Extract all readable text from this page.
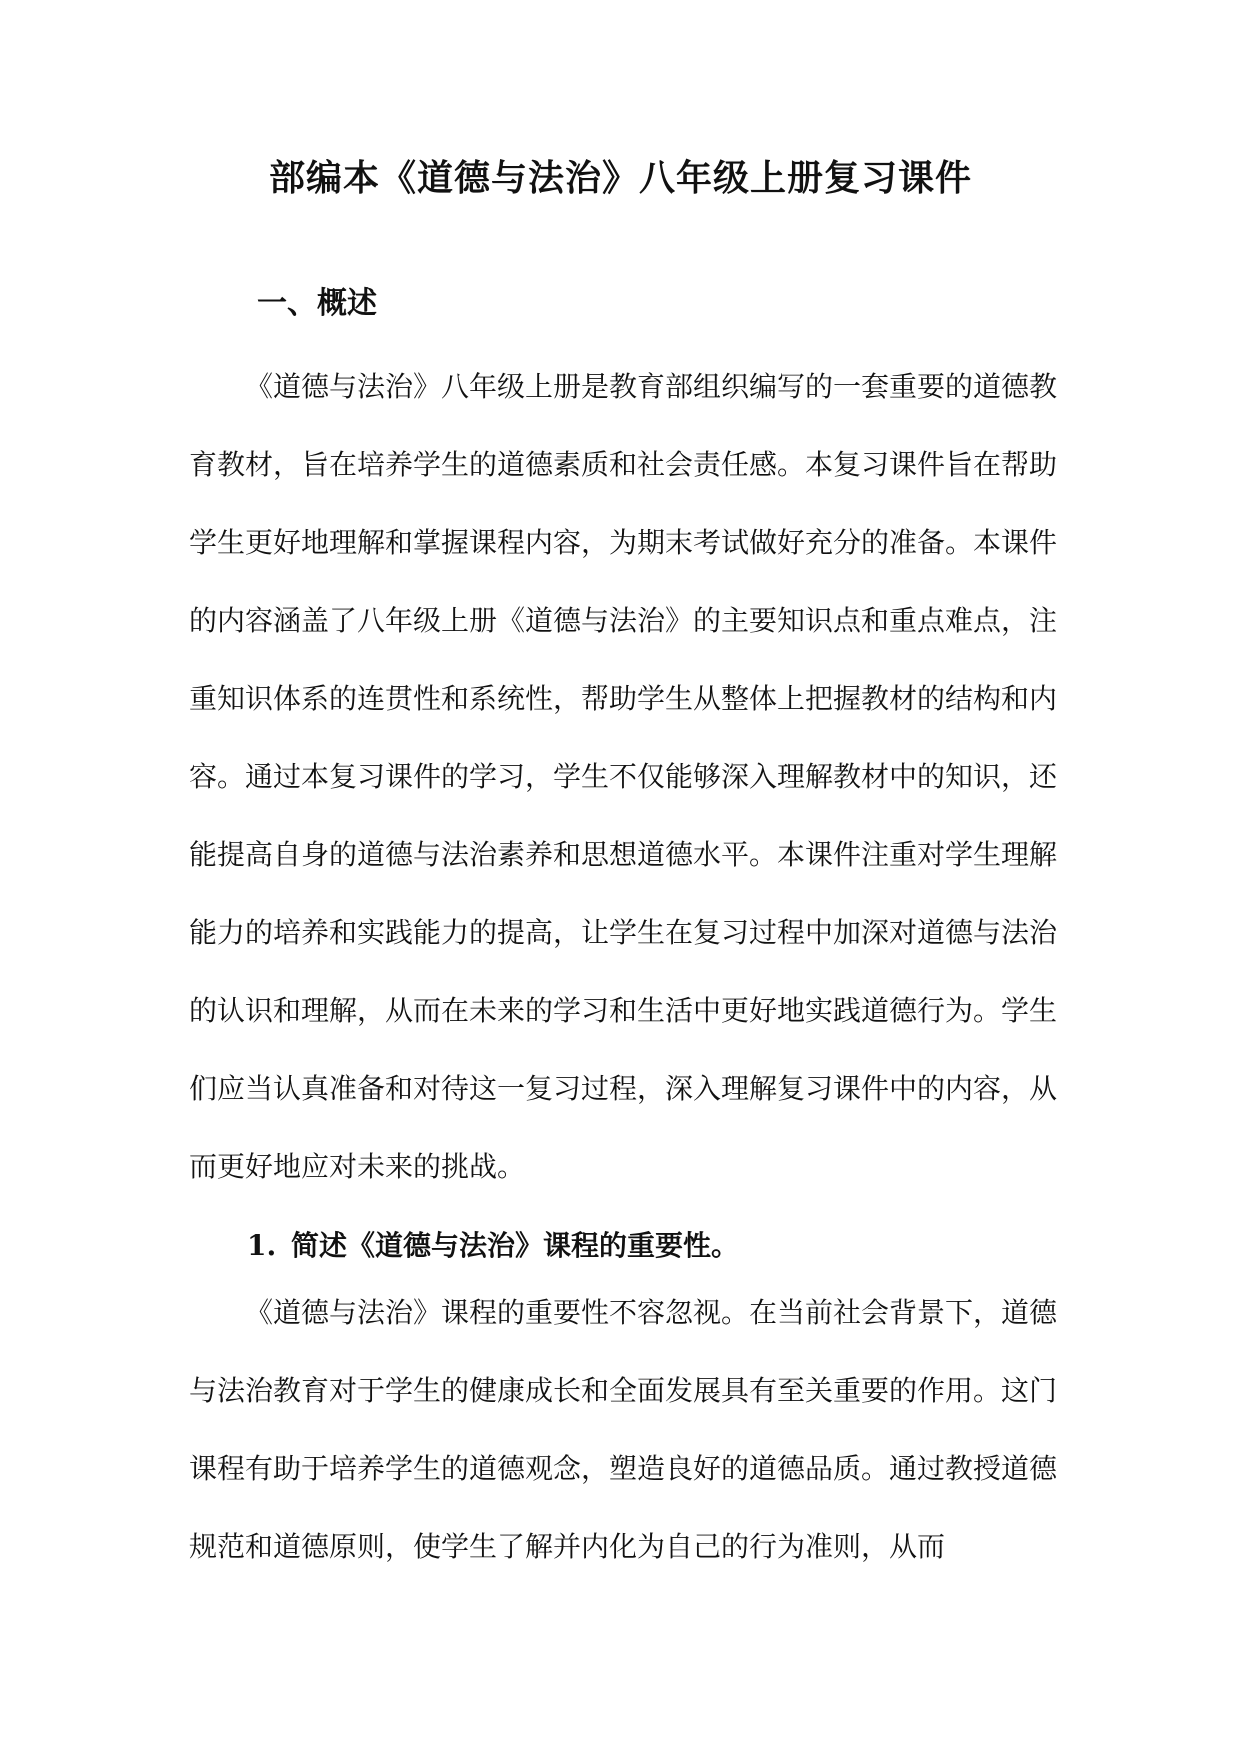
部编本《道德与法治》八年级上册复习课件
一、概述

《道德与法治》八年级上册是教育部组织编写的一套重要的道德教育教材，旨在培养学生的道德素质和社会责任感。本复习课件旨在帮助学生更好地理解和掌握课程内容，为期末考试做好充分的准备。本课件的内容涵盖了八年级上册《道德与法治》的主要知识点和重点难点，注重知识体系的连贯性和系统性，帮助学生从整体上把握教材的结构和内容。通过本复习课件的学习，学生不仅能够深入理解教材中的知识，还能提高自身的道德与法治素养和思想道德水平。本课件注重对学生理解能力的培养和实践能力的提高，让学生在复习过程中加深对道德与法治的认识和理解，从而在未来的学习和生活中更好地实践道德行为。学生们应当认真准备和对待这一复习过程，深入理解复习课件中的内容，从而更好地应对未来的挑战。

1. 简述《道德与法治》课程的重要性。

《道德与法治》课程的重要性不容忽视。在当前社会背景下，道德与法治教育对于学生的健康成长和全面发展具有至关重要的作用。这门课程有助于培养学生的道德观念，塑造良好的道德品质。通过教授道德规范和道德原则，使学生了解并内化为自己的行为准则，从而
